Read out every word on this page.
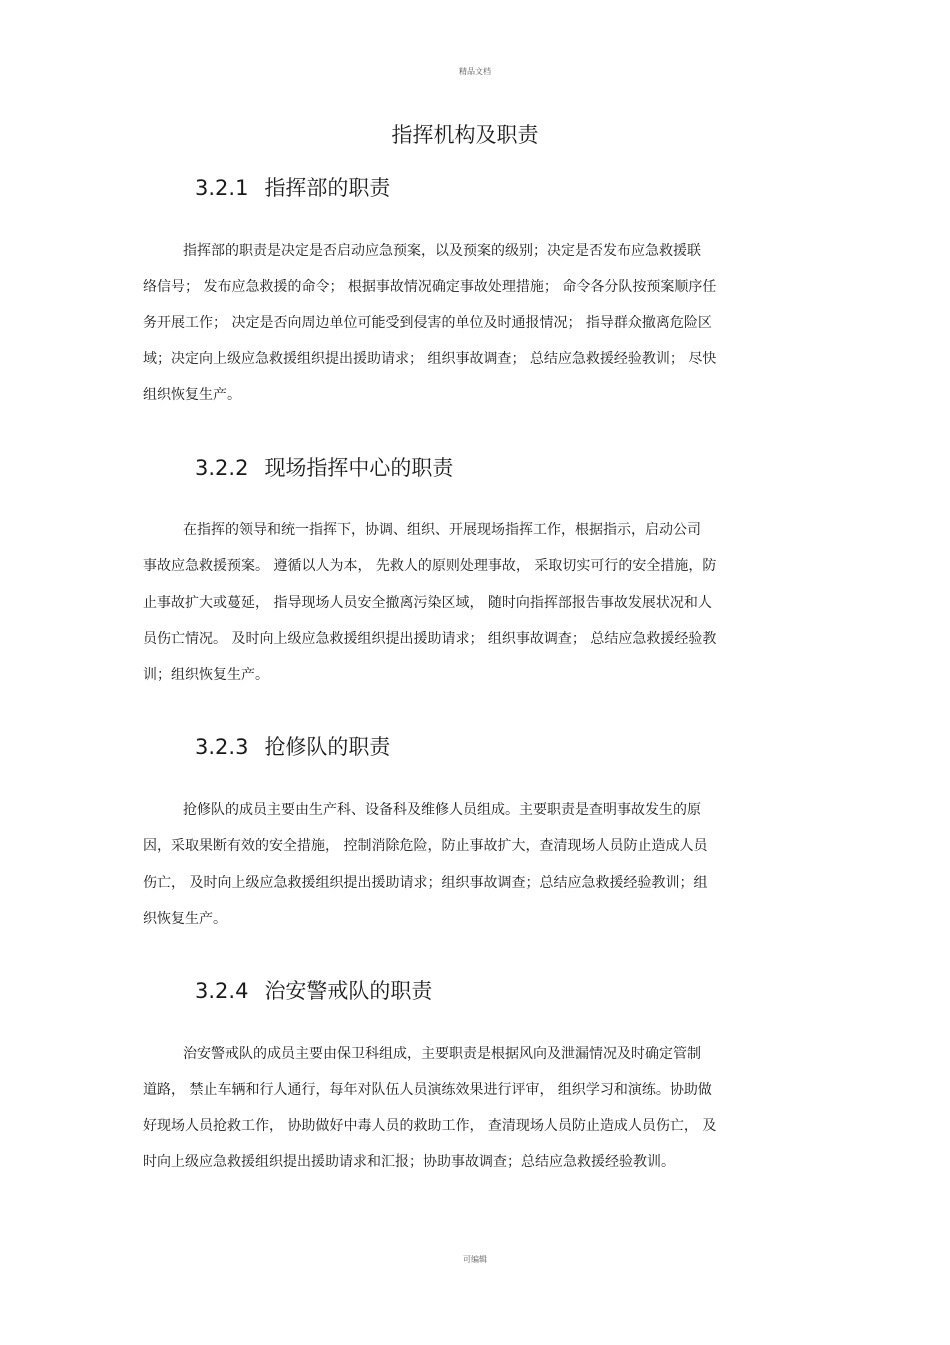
精品文档
指挥机构及职责
3.2.1 指挥部的职责
指挥部的职责是决定是否启动应急预案，以及预案的级别；决定是否发布应急救援联
络信号； 发布应急救援的命令； 根据事故情况确定事故处理措施； 命令各分队按预案顺序任
务开展工作； 决定是否向周边单位可能受到侵害的单位及时通报情况； 指导群众撤离危险区
域；决定向上级应急救援组织提出援助请求； 组织事故调查； 总结应急救援经验教训； 尽快
组织恢复生产。
3.2.2 现场指挥中心的职责
在指挥的领导和统一指挥下，协调、组织、开展现场指挥工作，根据指示，启动公司
事故应急救援预案。 遵循以人为本， 先救人的原则处理事故， 采取切实可行的安全措施，防
止事故扩大或蔓延， 指导现场人员安全撤离污染区域， 随时向指挥部报告事故发展状况和人
员伤亡情况。 及时向上级应急救援组织提出援助请求； 组织事故调查； 总结应急救援经验教
训；组织恢复生产。
3.2.3 抢修队的职责
抢修队的成员主要由生产科、设备科及维修人员组成。主要职责是查明事故发生的原
因，采取果断有效的安全措施， 控制消除危险，防止事故扩大，查清现场人员防止造成人员
伤亡， 及时向上级应急救援组织提出援助请求；组织事故调查；总结应急救援经验教训；组
织恢复生产。
3.2.4 治安警戒队的职责
治安警戒队的成员主要由保卫科组成，主要职责是根据风向及泄漏情况及时确定管制
道路， 禁止车辆和行人通行，每年对队伍人员演练效果进行评审， 组织学习和演练。协助做
好现场人员抢救工作， 协助做好中毒人员的救助工作， 查清现场人员防止造成人员伤亡， 及
时向上级应急救援组织提出援助请求和汇报；协助事故调查；总结应急救援经验教训。
可编辑
